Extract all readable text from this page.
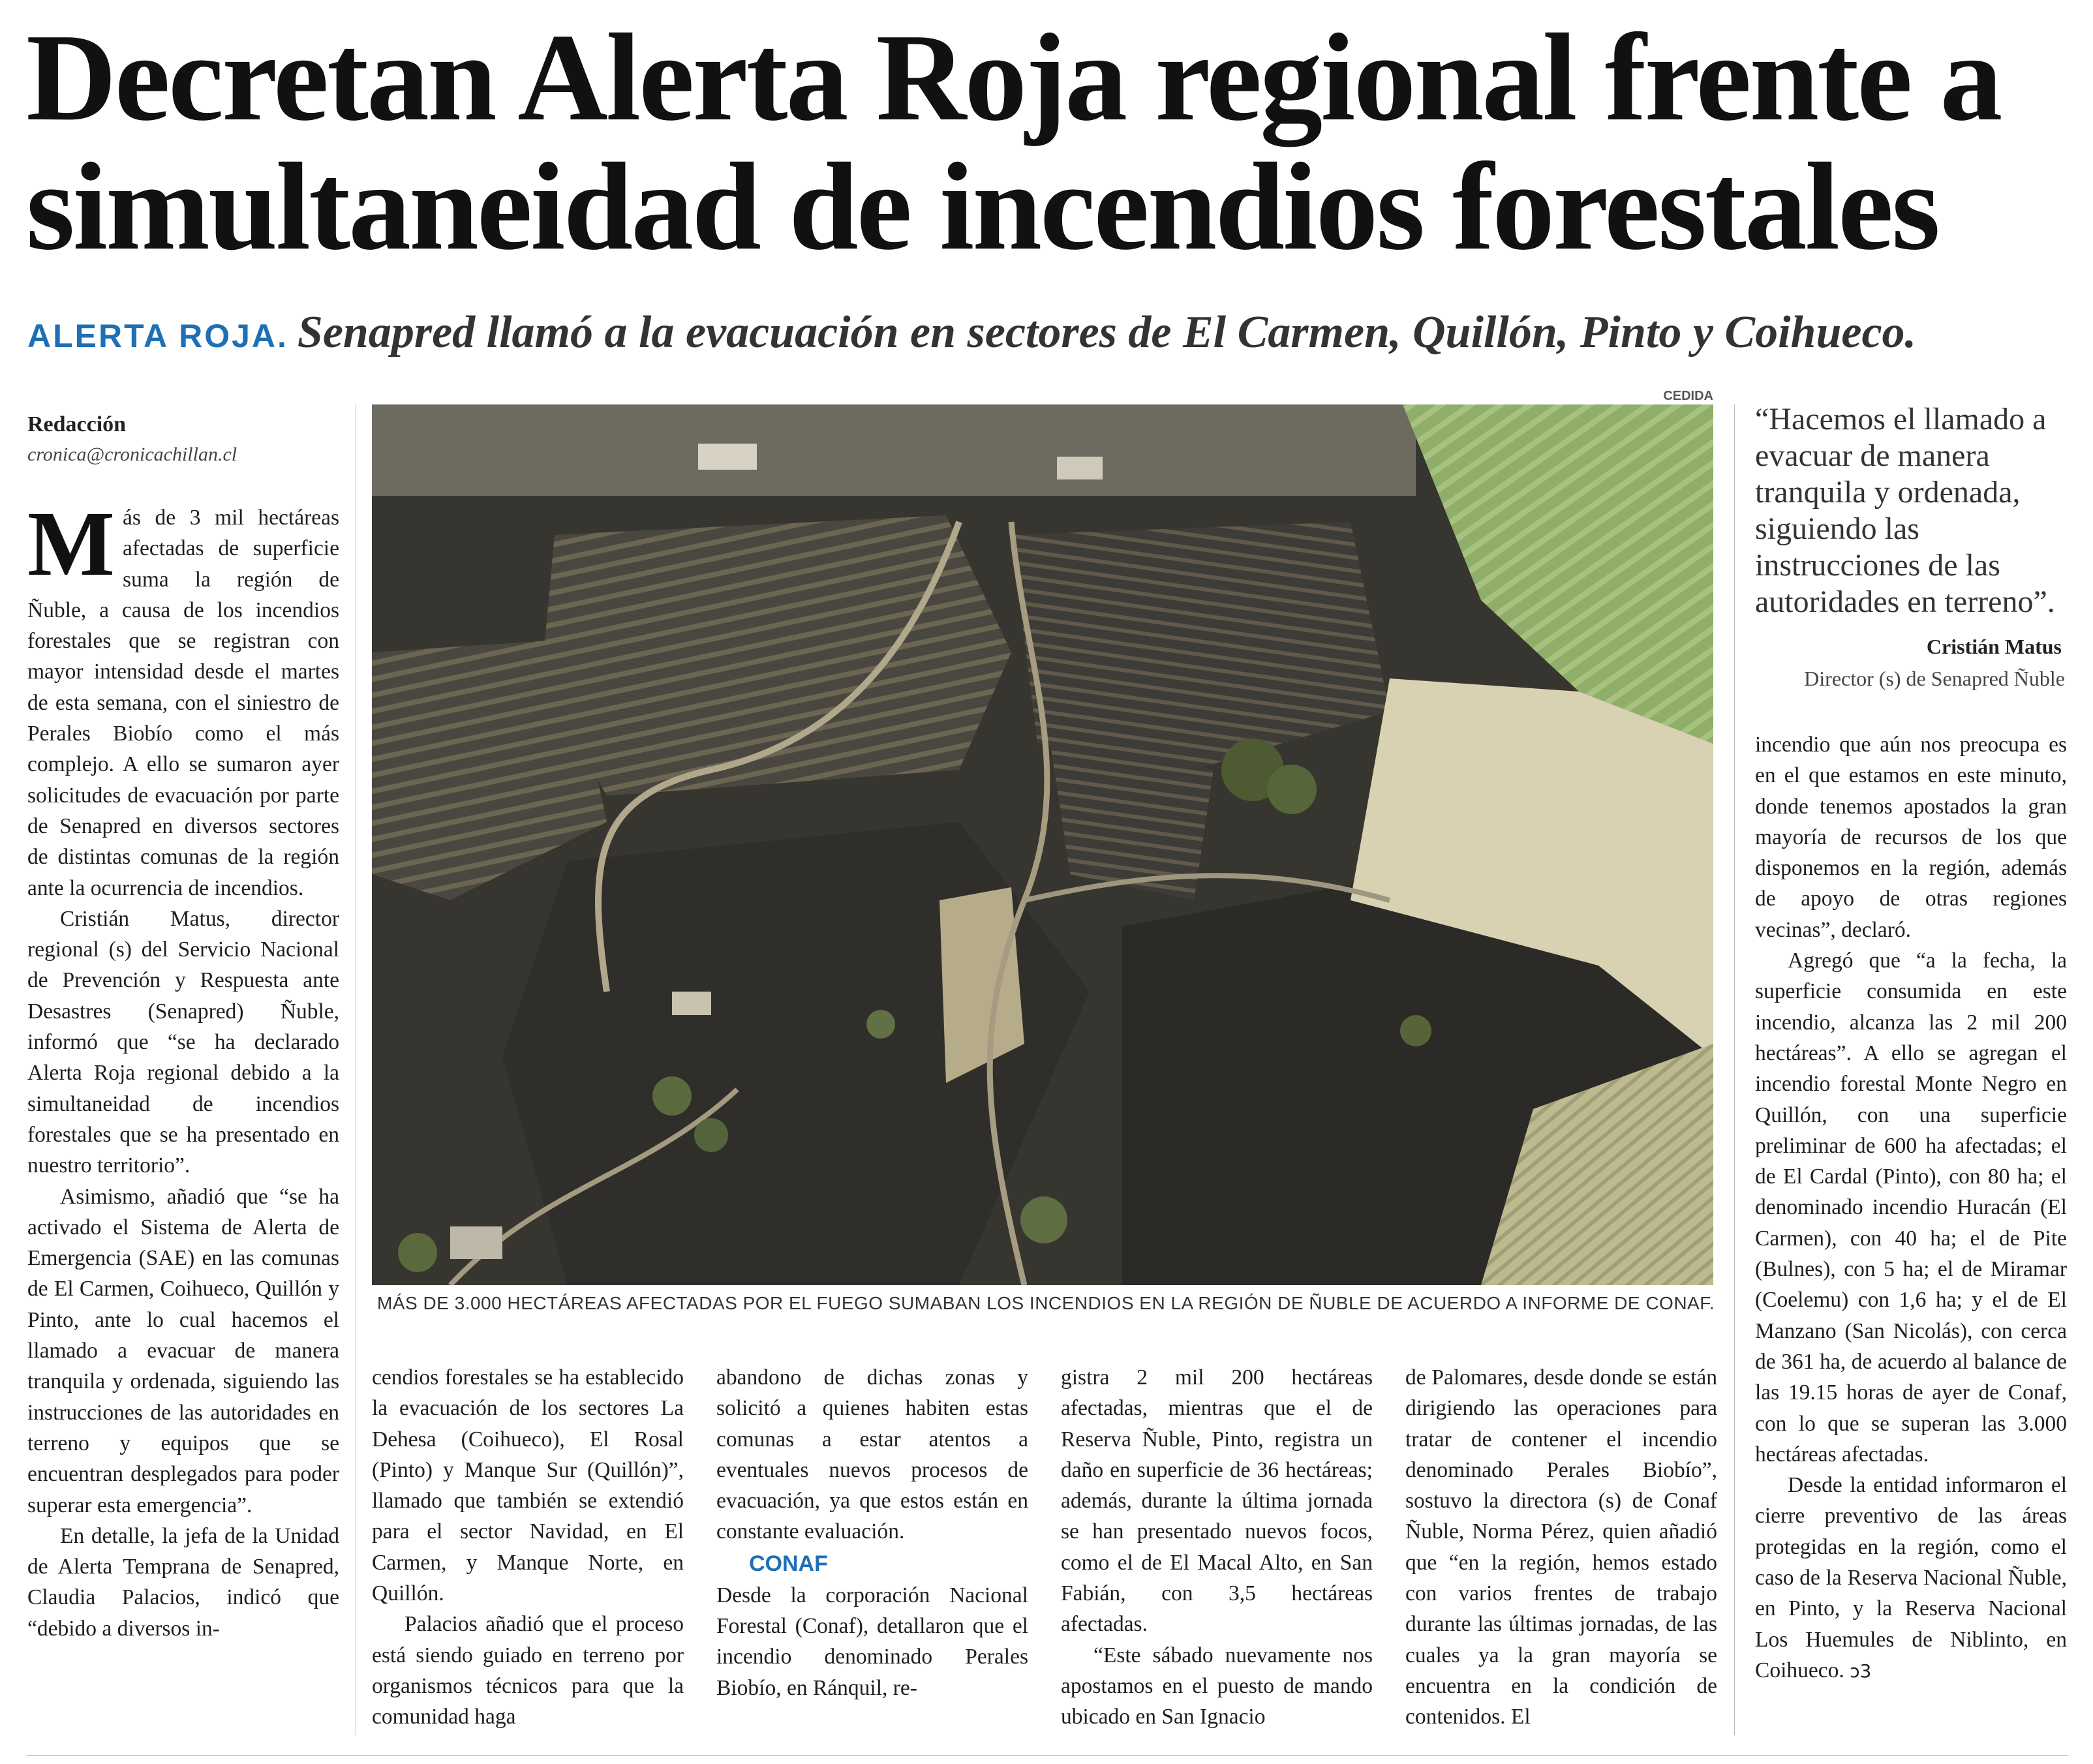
Decretan Alerta Roja regional frente a
simultaneidad de incendios forestales
ALERTA ROJA. Senapred llamó a la evacuación en sectores de El Carmen, Quillón, Pinto y Coihueco.
Redacción
cronica@cronicachillan.cl

Más de 3 mil hectáreas afectadas de superficie suma la región de Ñuble, a causa de los incendios forestales que se registran con mayor intensidad desde el martes de esta semana, con el siniestro de Perales Biobío como el más complejo. A ello se sumaron ayer solicitudes de evacuación por parte de Senapred en diversos sectores de distintas comunas de la región ante la ocurrencia de incendios.

Cristián Matus, director regional (s) del Servicio Nacional de Prevención y Respuesta ante Desastres (Senapred) Ñuble, informó que “se ha declarado Alerta Roja regional debido a la simultaneidad de incendios forestales que se ha presentado en nuestro territorio”.

Asimismo, añadió que “se ha activado el Sistema de Alerta de Emergencia (SAE) en las comunas de El Carmen, Coihueco, Quillón y Pinto, ante lo cual hacemos el llamado a evacuar de manera tranquila y ordenada, siguiendo las instrucciones de las autoridades en terreno y equipos que se encuentran desplegados para poder superar esta emergencia”.

En detalle, la jefa de la Unidad de Alerta Temprana de Senapred, Claudia Palacios, indicó que “debido a diversos in-

CEDIDA
MÁS DE 3.000 HECTÁREAS AFECTADAS POR EL FUEGO SUMABAN LOS INCENDIOS EN LA REGIÓN DE ÑUBLE DE ACUERDO A INFORME DE CONAF.
“Hacemos el llamado a evacuar de manera tranquila y ordenada, siguiendo las instrucciones de las autoridades en terreno”.
Cristián Matus
Director (s) de Senapred Ñuble

cendios forestales se ha establecido la evacuación de los sectores La Dehesa (Coihueco), El Rosal (Pinto) y Manque Sur (Quillón)”, llamado que también se extendió para el sector Navidad, en El Carmen, y Manque Norte, en Quillón.

Palacios añadió que el proceso está siendo guiado en terreno por organismos técnicos para que la comunidad haga

abandono de dichas zonas y solicitó a quienes habiten estas comunas a estar atentos a eventuales nuevos procesos de evacuación, ya que estos están en constante evaluación.

CONAF

Desde la corporación Nacional Forestal (Conaf), detallaron que el incendio denominado Perales Biobío, en Ránquil, re-

gistra 2 mil 200 hectáreas afectadas, mientras que el de Reserva Ñuble, Pinto, registra un daño en superficie de 36 hectáreas; además, durante la última jornada se han presentado nuevos focos, como el de El Macal Alto, en San Fabián, con 3,5 hectáreas afectadas.

“Este sábado nuevamente nos apostamos en el puesto de mando ubicado en San Ignacio

de Palomares, desde donde se están dirigiendo las operaciones para tratar de contener el incendio denominado Perales Biobío”, sostuvo la directora (s) de Conaf Ñuble, Norma Pérez, quien añadió que “en la región, hemos estado con varios frentes de trabajo durante las últimas jornadas, de las cuales ya la gran mayoría se encuentra en la condición de contenidos. El

incendio que aún nos preocupa es en el que estamos en este minuto, donde tenemos apostados la gran mayoría de recursos de los que disponemos en la región, además de apoyo de otras regiones vecinas”, declaró.

Agregó que “a la fecha, la superficie consumida en este incendio, alcanza las 2 mil 200 hectáreas”. A ello se agregan el incendio forestal Monte Negro en Quillón, con una superficie preliminar de 600 ha afectadas; el de El Cardal (Pinto), con 80 ha; el denominado incendio Huracán (El Carmen), con 40 ha; el de Pite (Bulnes), con 5 ha; el de Miramar (Coelemu) con 1,6 ha; y el de El Manzano (San Nicolás), con cerca de 361 ha, de acuerdo al balance de las 19.15 horas de ayer de Conaf, con lo que se superan las 3.000 hectáreas afectadas.

Desde la entidad informaron el cierre preventivo de las áreas protegidas en la región, como el caso de la Reserva Nacional Ñuble, en Pinto, y la Reserva Nacional Los Huemules de Niblinto, en Coihueco. ↄ3
